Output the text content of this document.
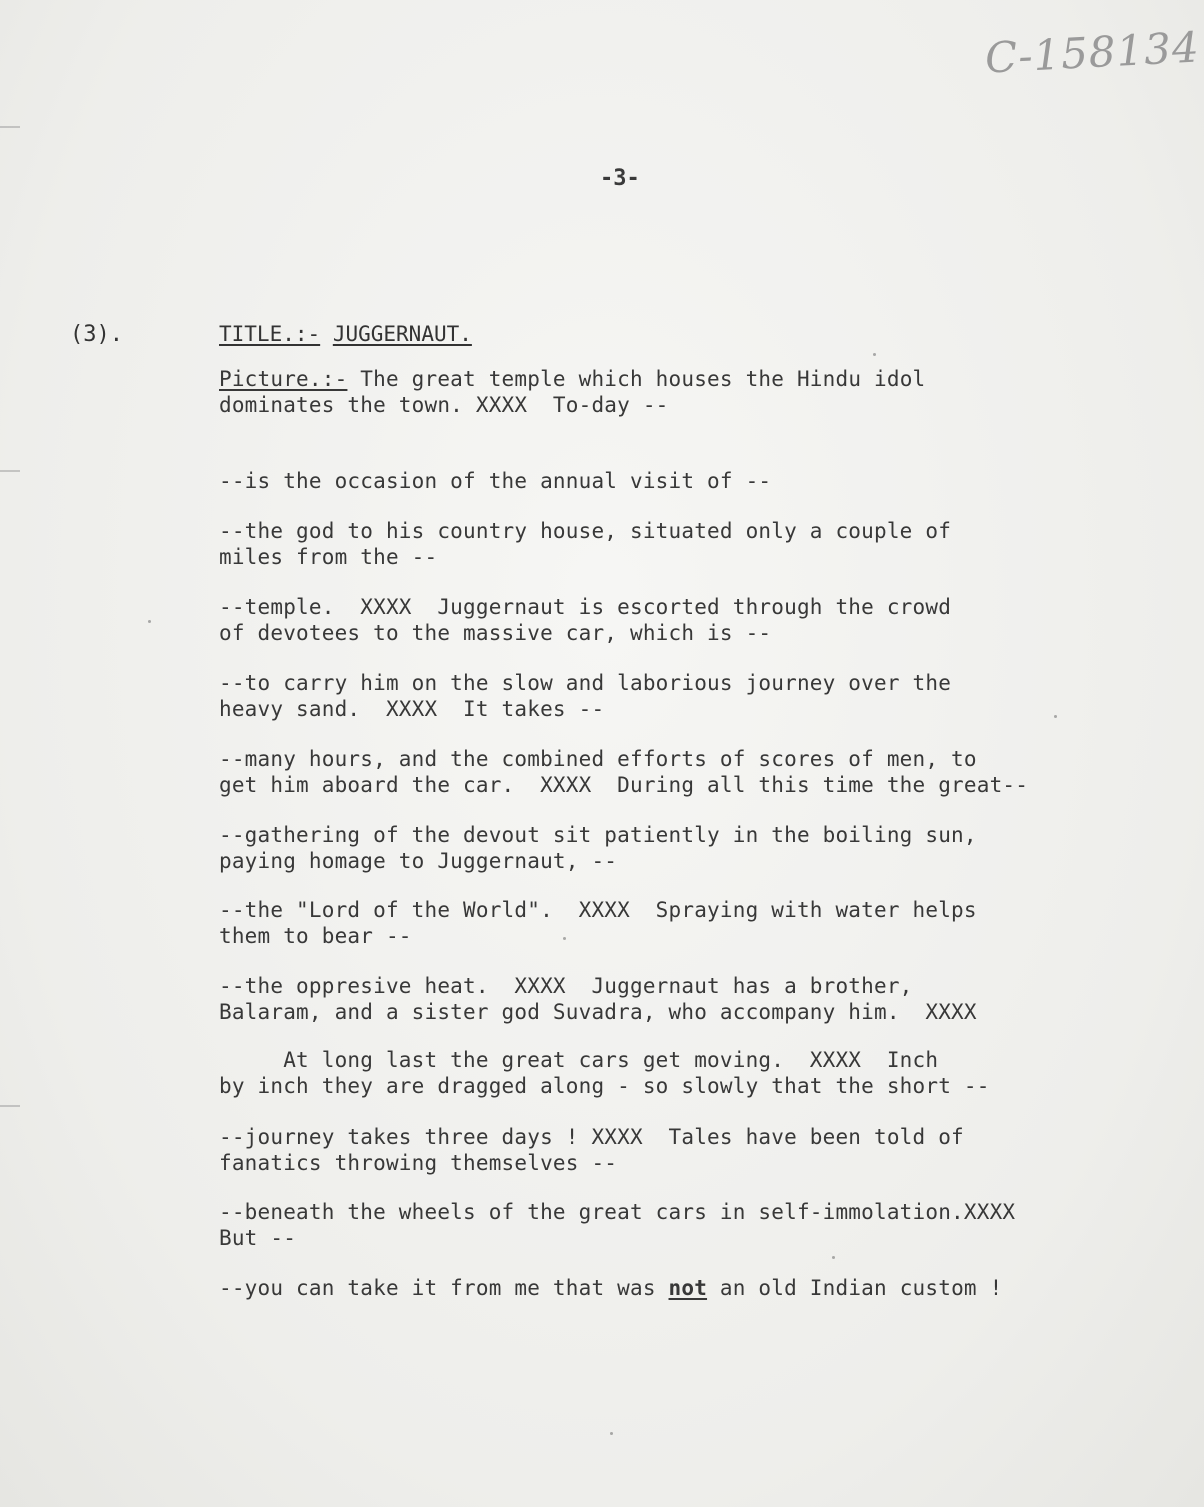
C-158134
-3-
(3).	TITLE.:- JUGGERNAUT.

Picture.:- The great temple which houses the Hindu idol
dominates the town. XXXX  To-day --

--is the occasion of the annual visit of --

--the god to his country house, situated only a couple of
miles from the --

--temple.  XXXX  Juggernaut is escorted through the crowd
of devotees to the massive car, which is --

--to carry him on the slow and laborious journey over the
heavy sand.  XXXX  It takes --

--many hours, and the combined efforts of scores of men, to
get him aboard the car.  XXXX  During all this time the great--

--gathering of the devout sit patiently in the boiling sun,
paying homage to Juggernaut, --

--the "Lord of the World".  XXXX  Spraying with water helps
them to bear --

--the oppresive heat.  XXXX  Juggernaut has a brother,
Balaram, and a sister god Suvadra, who accompany him.  XXXX

At long last the great cars get moving.  XXXX  Inch
by inch they are dragged along - so slowly that the short --

--journey takes three days ! XXXX  Tales have been told of
fanatics throwing themselves --

--beneath the wheels of the great cars in self-immolation.XXXX
But --

--you can take it from me that was not an old Indian custom !
